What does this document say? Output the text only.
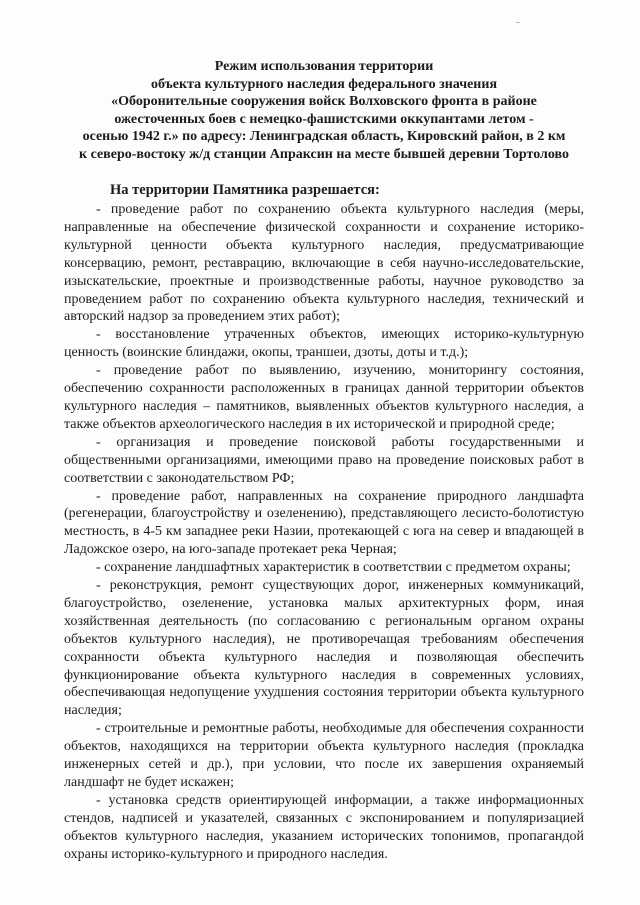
Режим использования территории
объекта культурного наследия федерального значения
«Оборонительные сооружения войск Волховского фронта в районе
ожесточенных боев с немецко-фашистскими оккупантами летом -
осенью 1942 г.» по адресу: Ленинградская область, Кировский район, в 2 км
к северо-востоку ж/д станции Апраксин на месте бывшей деревни Тортолово
На территории Памятника разрешается:

- проведение работ по сохранению объекта культурного наследия (меры, направленные на обеспечение физической сохранности и сохранение историко-культурной ценности объекта культурного наследия, предусматривающие консервацию, ремонт, реставрацию, включающие в себя научно-исследовательские, изыскательские, проектные и производственные работы, научное руководство за проведением работ по сохранению объекта культурного наследия, технический и авторский надзор за проведением этих работ);

- восстановление утраченных объектов, имеющих историко-культурную ценность (воинские блиндажи, окопы, траншеи, дзоты, доты и т.д.);

- проведение работ по выявлению, изучению, мониторингу состояния, обеспечению сохранности расположенных в границах данной территории объектов культурного наследия – памятников, выявленных объектов культурного наследия, а также объектов археологического наследия в их исторической и природной среде;

- организация и проведение поисковой работы государственными и общественными организациями, имеющими право на проведение поисковых работ в соответствии с законодательством РФ;

- проведение работ, направленных на сохранение природного ландшафта (регенерации, благоустройству и озеленению), представляющего лесисто-болотистую местность, в 4-5 км западнее реки Назии, протекающей с юга на север и впадающей в Ладожское озеро, на юго-западе протекает река Черная;

- сохранение ландшафтных характеристик в соответствии с предметом охраны;

- реконструкция, ремонт существующих дорог, инженерных коммуникаций, благоустройство, озеленение, установка малых архитектурных форм, иная хозяйственная деятельность (по согласованию с региональным органом охраны объектов культурного наследия), не противоречащая требованиям обеспечения сохранности объекта культурного наследия и позволяющая обеспечить функционирование объекта культурного наследия в современных условиях, обеспечивающая недопущение ухудшения состояния территории объекта культурного наследия;

- строительные и ремонтные работы, необходимые для обеспечения сохранности объектов, находящихся на территории объекта культурного наследия (прокладка инженерных сетей и др.), при условии, что после их завершения охраняемый ландшафт не будет искажен;

- установка средств ориентирующей информации, а также информационных стендов, надписей и указателей, связанных с экспонированием и популяризацией объектов культурного наследия, указанием исторических топонимов, пропагандой охраны историко-культурного и природного наследия.
